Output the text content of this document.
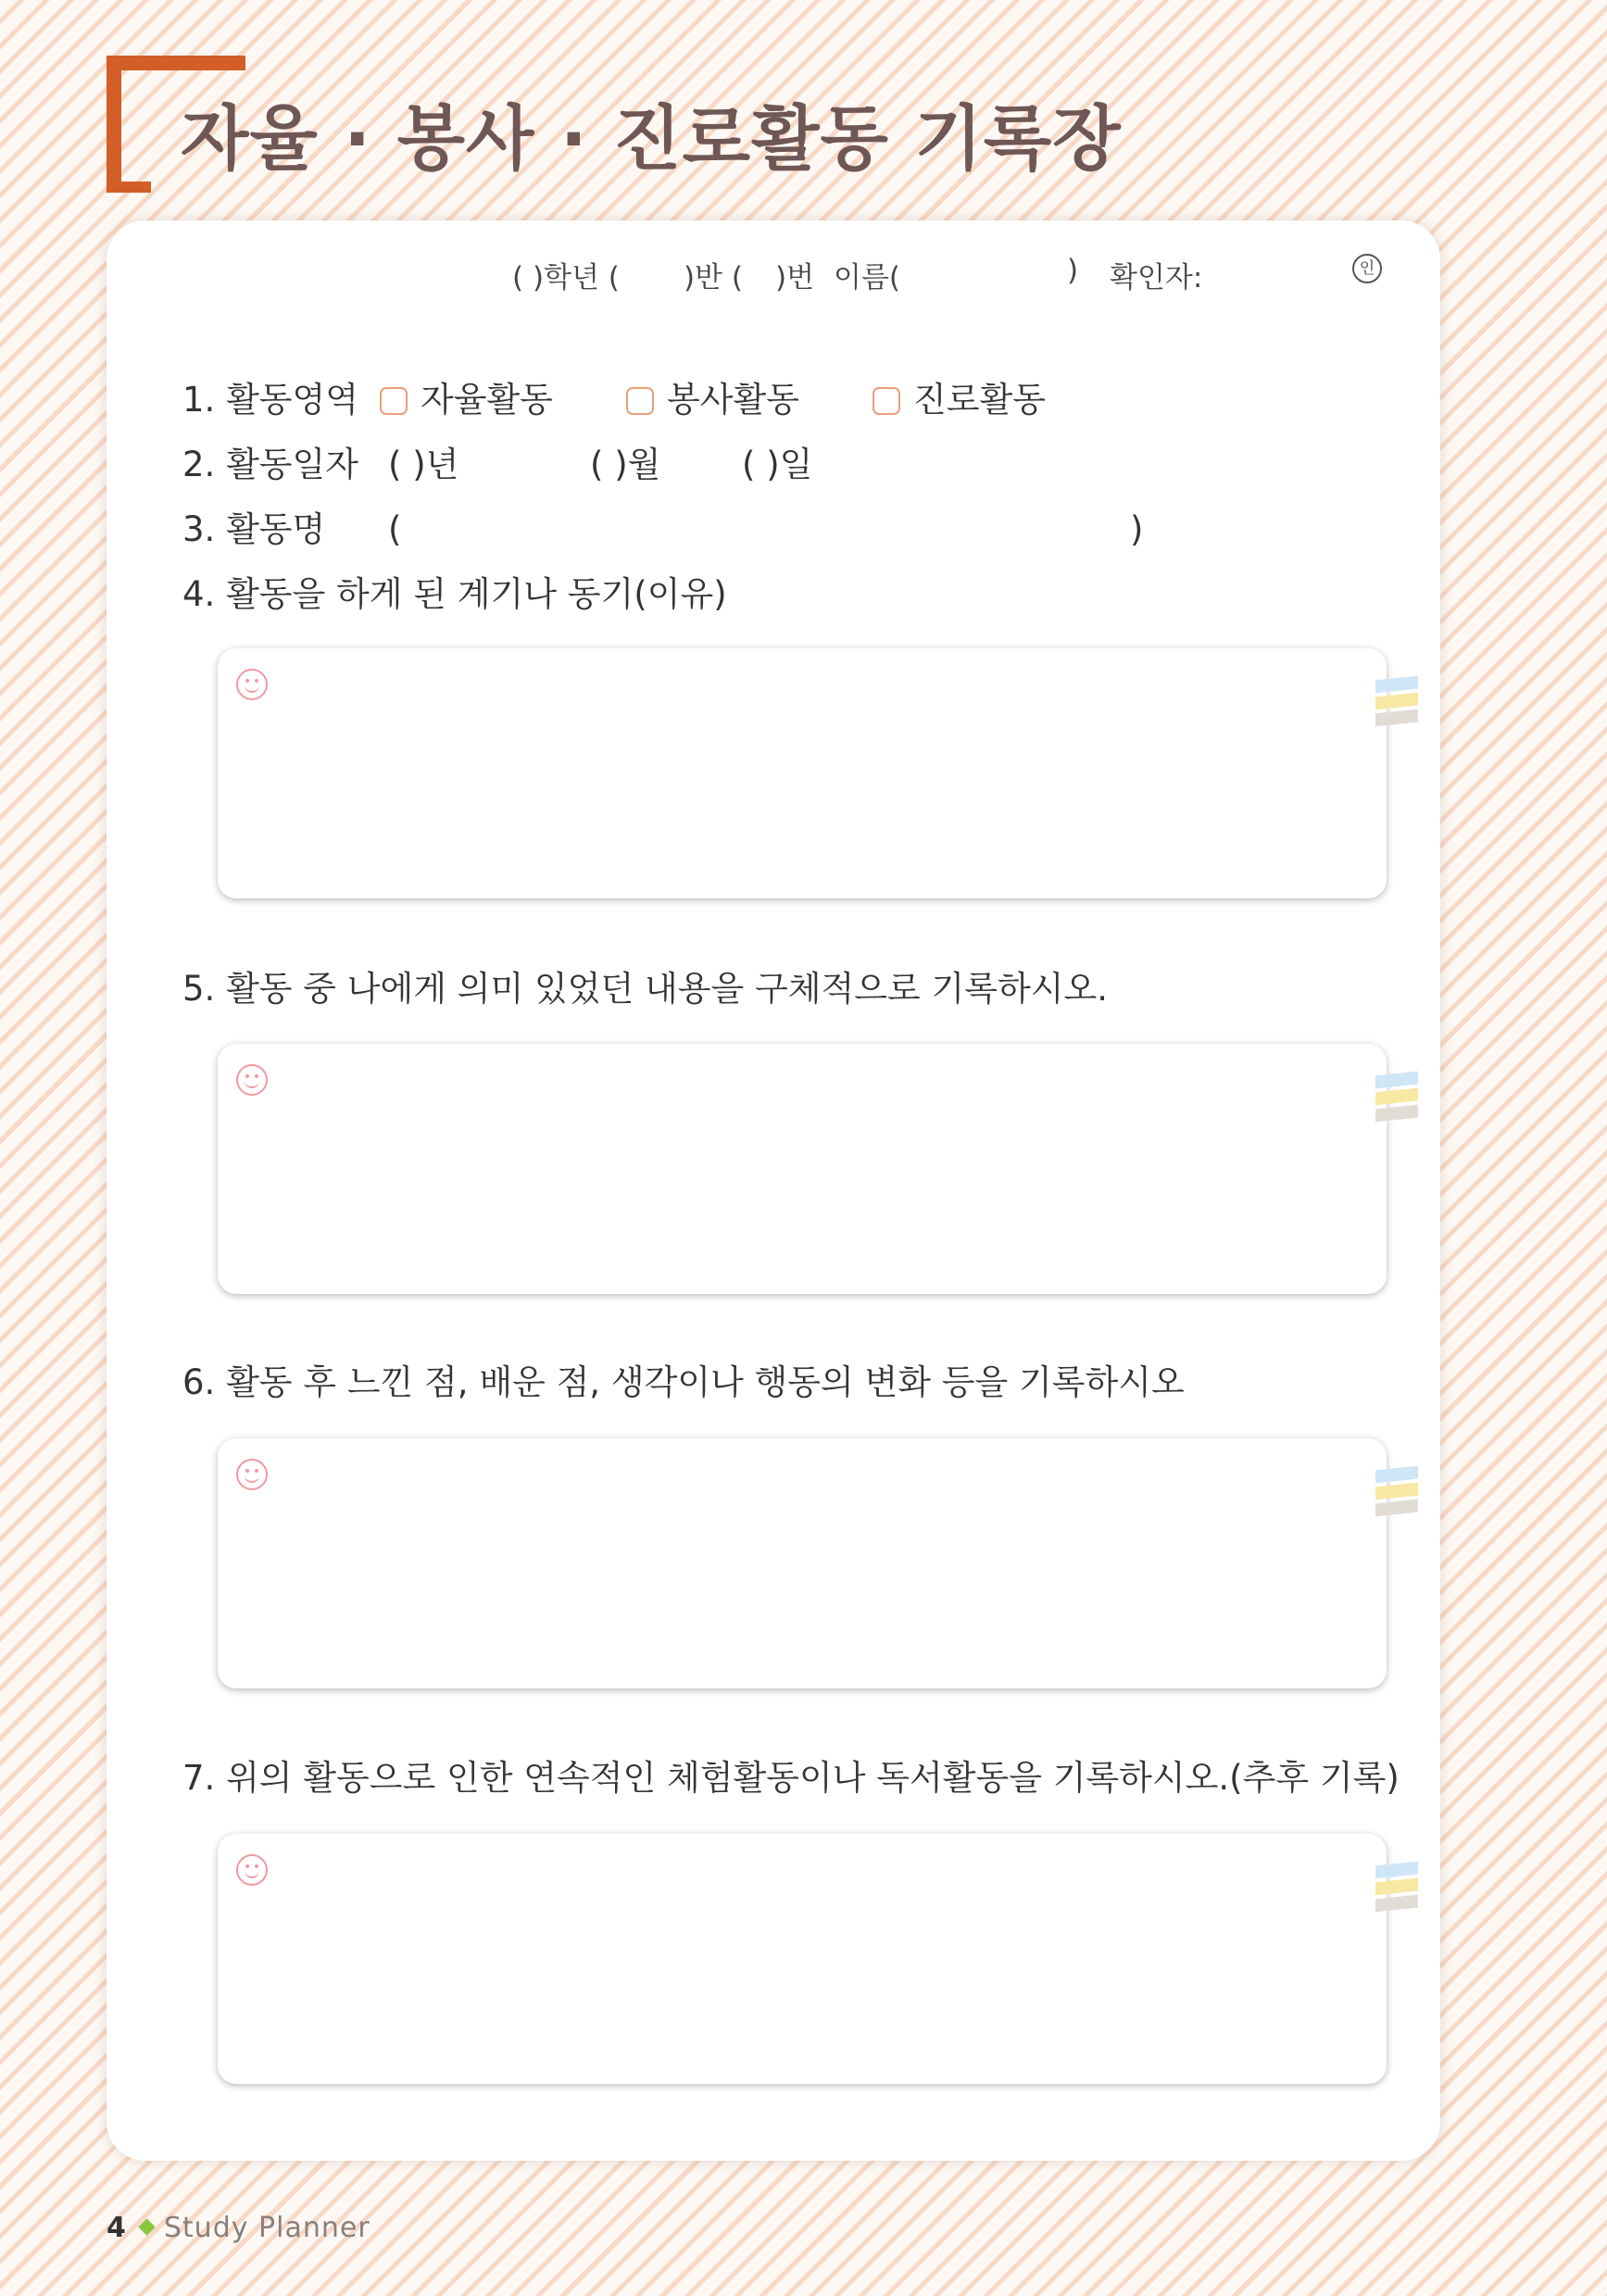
자율 · 봉사 · 진로활동 기록장
( )학년 ( )반 ( )번 이름(	) 확인자:	인
1. 활동영역	자율활동	봉사활동	진로활동
2. 활동일자 ( )년	( )월 ( )일
3. 활동명 (	)
4. 활동을 하게 된 계기나 동기(이유)
5. 활동 중 나에게 의미 있었던 내용을 구체적으로 기록하시오.
6. 활동 후 느낀 점, 배운 점, 생각이나 행동의 변화 등을 기록하시오
7. 위의 활동으로 인한 연속적인 체험활동이나 독서활동을 기록하시오.(추후 기록)
4 Study Planner
